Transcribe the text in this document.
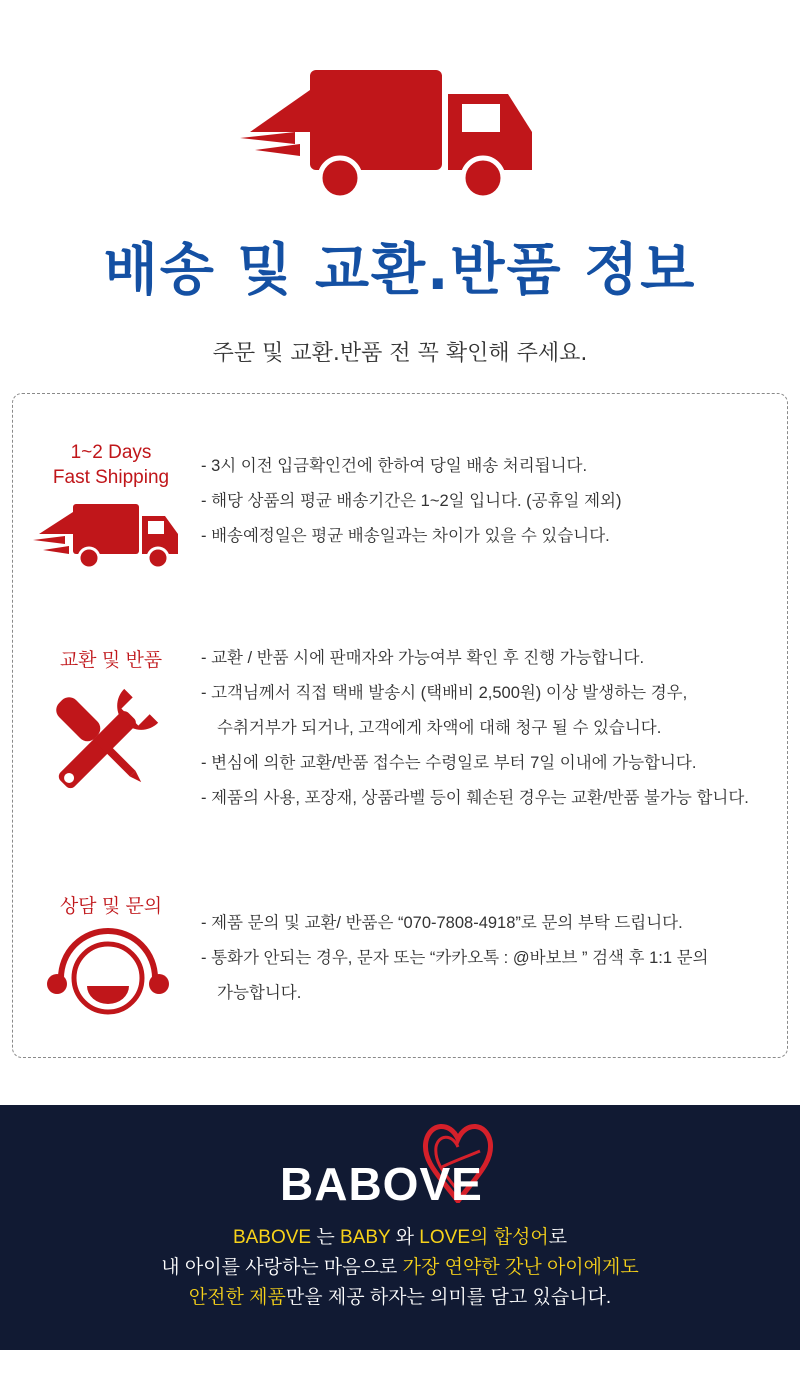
배송 및 교환.반품 정보
주문 및 교환.반품 전 꼭 확인해 주세요.
1~2 Days
Fast Shipping
- 3시 이전 입금확인건에 한하여 당일 배송 처리됩니다.
- 해당 상품의 평균 배송기간은 1~2일 입니다. (공휴일 제외)
- 배송예정일은 평균 배송일과는 차이가 있을 수 있습니다.
교환 및 반품	- 교환 / 반품 시에 판매자와 가능여부 확인 후 진행 가능합니다.
- 고객님께서 직접 택배 발송시 (택배비 2,500원) 이상 발생하는 경우,
수취거부가 되거나, 고객에게 차액에 대해 청구 될 수 있습니다.
- 변심에 의한 교환/반품 접수는 수령일로 부터 7일 이내에 가능합니다.
- 제품의 사용, 포장재, 상품라벨 등이 훼손된 경우는 교환/반품 불가능 합니다.
상담 및 문의
- 제품 문의 및 교환/ 반품은 “070-7808-4918”로 문의 부탁 드립니다.
- 통화가 안되는 경우, 문자 또는 “카카오톡 : @바보브 ” 검색 후 1:1 문의
가능합니다.
BABOVE
BABOVE 는 BABY 와 LOVE의 합성어로
내 아이를 사랑하는 마음으로 가장 연약한 갓난 아이에게도
안전한 제품만을 제공 하자는 의미를 담고 있습니다.
